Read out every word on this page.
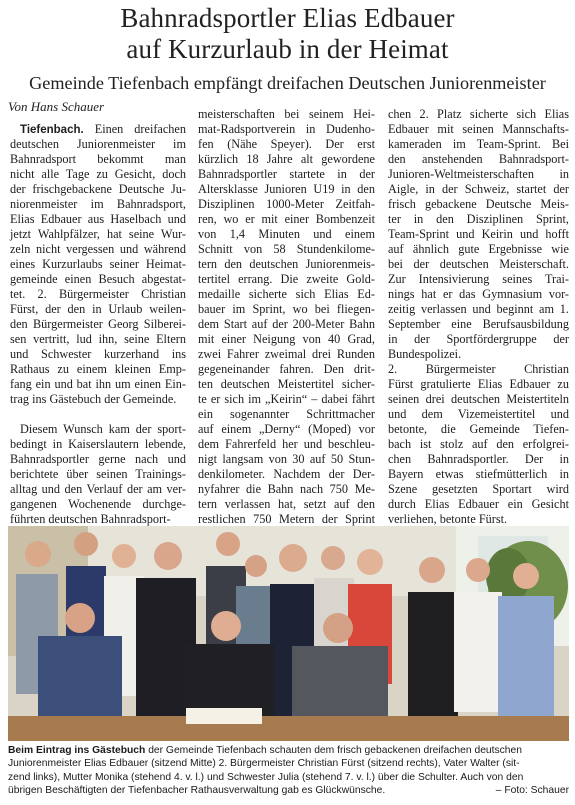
Bahnradsportler Elias Edbauer
auf Kurzurlaub in der Heimat
Gemeinde Tiefenbach empfängt dreifachen Deutschen Juniorenmeister
Von Hans Schauer
Tiefenbach. Einen dreifachen
deutschen Juniorenmeister im
Bahnradsport bekommt man
nicht alle Tage zu Gesicht, doch
der frischgebackene Deutsche Ju-
niorenmeister im Bahnradsport,
Elias Edbauer aus Haselbach und
jetzt Wahlpfälzer, hat seine Wur-
zeln nicht vergessen und während
eines Kurzurlaubs seiner Heimat-
gemeinde einen Besuch abgestat-
tet. 2. Bürgermeister Christian
Fürst, der den in Urlaub weilen-
den Bürgermeister Georg Silberei-
sen vertritt, lud ihn, seine Eltern
und Schwester kurzerhand ins
Rathaus zu einem kleinen Emp-
fang ein und bat ihn um einen Ein-
trag ins Gästebuch der Gemeinde.
Diesem Wunsch kam der sport-
bedingt in Kaiserslautern lebende,
Bahnradsportler gerne nach und
berichtete über seinen Trainings-
alltag und den Verlauf der am ver-
gangenen Wochenende durchge-
führten deutschen Bahnradsport-
meisterschaften bei seinem Hei-
mat-Radsportverein in Dudenho-
fen (Nähe Speyer). Der erst
kürzlich 18 Jahre alt gewordene
Bahnradsportler startete in der
Altersklasse Junioren U19 in den
Disziplinen 1000-Meter Zeitfah-
ren, wo er mit einer Bombenzeit
von 1,4 Minuten und einem
Schnitt von 58 Stundenkilome-
tern den deutschen Juniorenmeis-
tertitel errang. Die zweite Gold-
medaille sicherte sich Elias Ed-
bauer im Sprint, wo bei fliegen-
dem Start auf der 200-Meter Bahn
mit einer Neigung von 40 Grad,
zwei Fahrer zweimal drei Runden
gegeneinander fahren. Den drit-
ten deutschen Meistertitel sicher-
te er sich im „Keirin“ – dabei fährt
ein sogenannter Schrittmacher
auf einem „Derny“ (Moped) vor
dem Fahrerfeld her und beschleu-
nigt langsam von 30 auf 50 Stun-
denkilometer. Nachdem der Der-
nyfahrer die Bahn nach 750 Me-
tern verlassen hat, setzt auf den
restlichen 750 Metern der Sprint
chen 2. Platz sicherte sich Elias
Edbauer mit seinen Mannschafts-
kameraden im Team-Sprint. Bei
den anstehenden Bahnradsport-
Junioren-Weltmeisterschaften in
Aigle, in der Schweiz, startet der
frisch gebackene Deutsche Meis-
ter in den Disziplinen Sprint,
Team-Sprint und Keirin und hofft
auf ähnlich gute Ergebnisse wie
bei der deutschen Meisterschaft.
Zur Intensivierung seines Trai-
nings hat er das Gymnasium vor-
zeitig verlassen und beginnt am 1.
September eine Berufsausbildung
in der Sportfördergruppe der
Bundespolizei.
2. Bürgermeister Christian
Fürst gratulierte Elias Edbauer zu
seinen drei deutschen Meistertiteln
und dem Vizemeistertitel und
betonte, die Gemeinde Tiefen-
bach ist stolz auf den erfolgrei-
chen Bahnradsportler. Der in
Bayern etwas stiefmütterlich in
Szene gesetzten Sportart wird
durch Elias Edbauer ein Gesicht
verliehen, betonte Fürst.
Beim Eintrag ins Gästebuch der Gemeinde Tiefenbach schauten dem frisch gebackenen dreifachen deutschen
Juniorenmeister Elias Edbauer (sitzend Mitte) 2. Bürgermeister Christian Fürst (sitzend rechts), Vater Walter (sit-
zend links), Mutter Monika (stehend 4. v. l.) und Schwester Julia (stehend 7. v. l.) über die Schulter. Auch von den
übrigen Beschäftigten der Tiefenbacher Rathausverwaltung gab es Glückwünsche.	– Foto: Schauer
